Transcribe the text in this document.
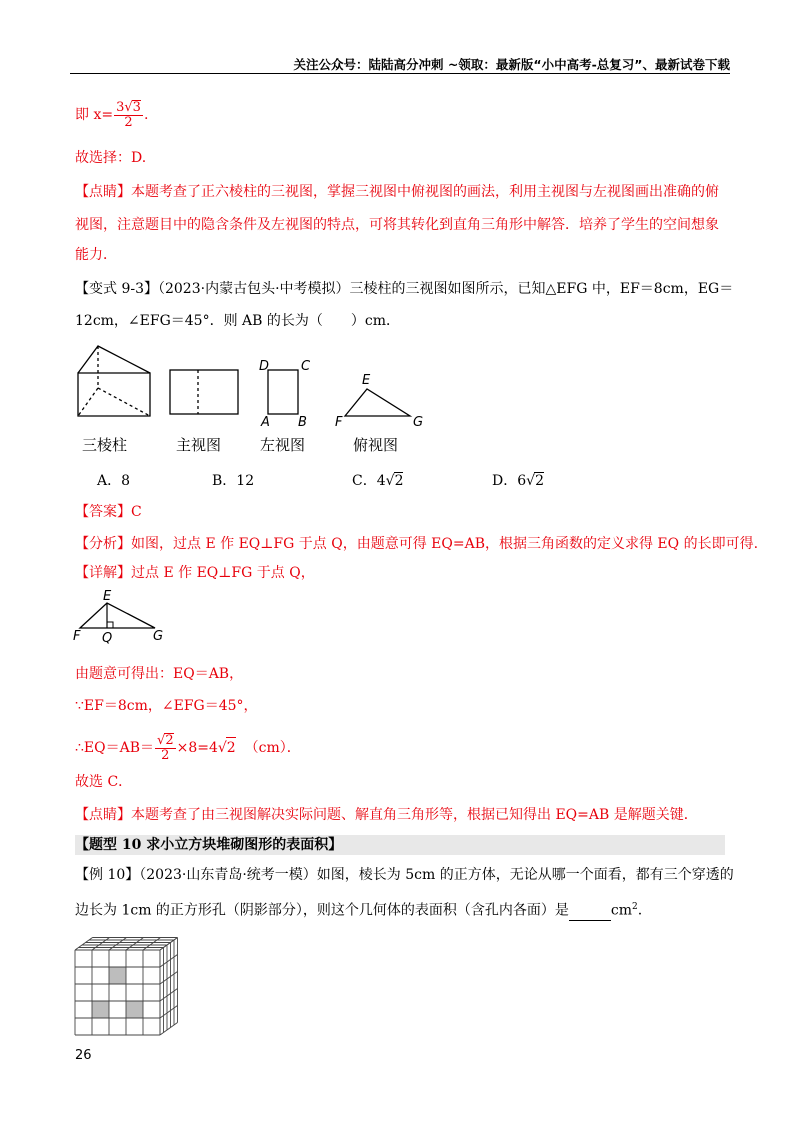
关注公众号：陆陆高分冲刺 ~领取：最新版“小中高考-总复习”、最新试卷下载
即 $x= \frac{3√3}{2}$ .
故选择：D.
【点睛】本题考查了正六棱柱的三视图，掌握三视图中俯视图的画法，利用主视图与左视图画出准确的俯
视图，注意题目中的隐含条件及左视图的特点，可将其转化到直角三角形中解答．培养了学生的空间想象
能力．
【变式 9-3】（2023·内蒙古包头·中考模拟）三棱柱的三视图如图所示，已知△EFG 中，EF＝8cm，EG＝
12cm，∠EFG＝45°．则 AB 的长为（　　）cm．
D C
A B
E
F	G
三棱柱	主视图	左视图	俯视图
A．8	B．12	C．4√2	D．6√2
【答案】C
【分析】如图，过点 E 作 EQ⊥FG 于点 Q，由题意可得 EQ=AB，根据三角函数的定义求得 EQ 的长即可得.
【详解】过点 E 作 EQ⊥FG 于点 Q，
E
F Q	G
由题意可得出：EQ＝AB，
∵EF＝8cm，∠EFG＝45°，
∴EQ＝AB＝ $\frac{√2}{2} \times 8=4√2$ （cm）．
故选 C．
【点睛】本题考查了由三视图解决实际问题、解直角三角形等，根据已知得出 EQ=AB 是解题关键．
【题型 10 求小立方块堆砌图形的表面积】
【例 10】（2023·山东青岛·统考一模）如图，棱长为 5cm 的正方体，无论从哪一个面看，都有三个穿透的
边长为 1cm 的正方形孔（阴影部分），则这个几何体的表面积（含孔内各面）是	$cm^2$.
26
